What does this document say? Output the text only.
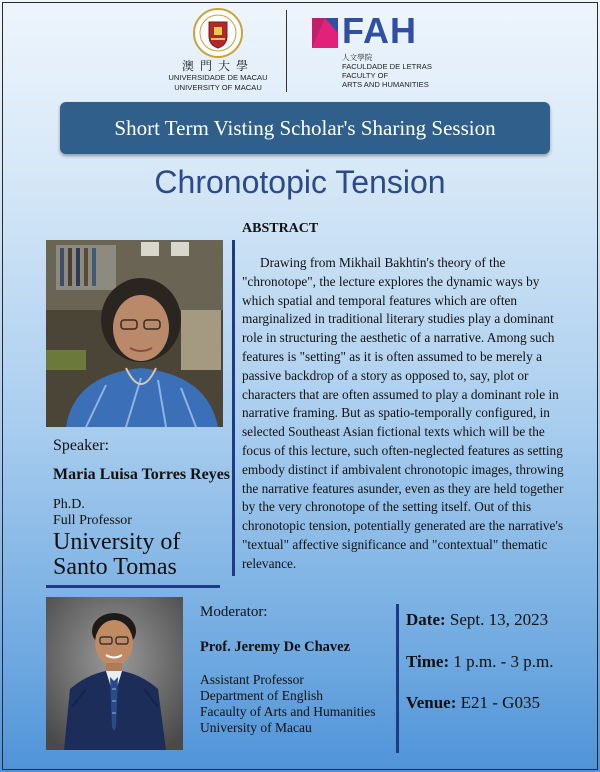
澳門大學
UNIVERSIDADE DE MACAU
UNIVERSITY OF MACAU
FAH
人文學院
FACULDADE DE LETRAS
FACULTY OF
ARTS AND HUMANITIES
Short Term Visting Scholar's Sharing Session
Chronotopic Tension
Speaker:
Maria Luisa Torres Reyes
Ph.D.
Full Professor
University of
Santo Tomas
ABSTRACT
Drawing from Mikhail Bakhtin's theory of the "chronotope", the lecture explores the dynamic ways by which spatial and temporal features which are often marginalized in traditional literary studies play a dominant role in structuring the aesthetic of a narrative. Among such features is "setting" as it is often assumed to be merely a passive backdrop of a story as opposed to, say, plot or characters that are often assumed to play a dominant role in narrative framing. But as spatio-temporally configured, in selected Southeast Asian fictional texts which will be the focus of this lecture, such often-neglected features as setting embody distinct if ambivalent chronotopic images, throwing the narrative features asunder, even as they are held together by the very chronotope of the setting itself. Out of this chronotopic tension, potentially generated are the narrative's "textual" affective significance and "contextual" thematic relevance.
Moderator:
Prof. Jeremy De Chavez
Assistant Professor
Department of English
Facaulty of Arts and Humanities
University of Macau
Date: Sept. 13, 2023
Time: 1 p.m. - 3 p.m.
Venue: E21 - G035
